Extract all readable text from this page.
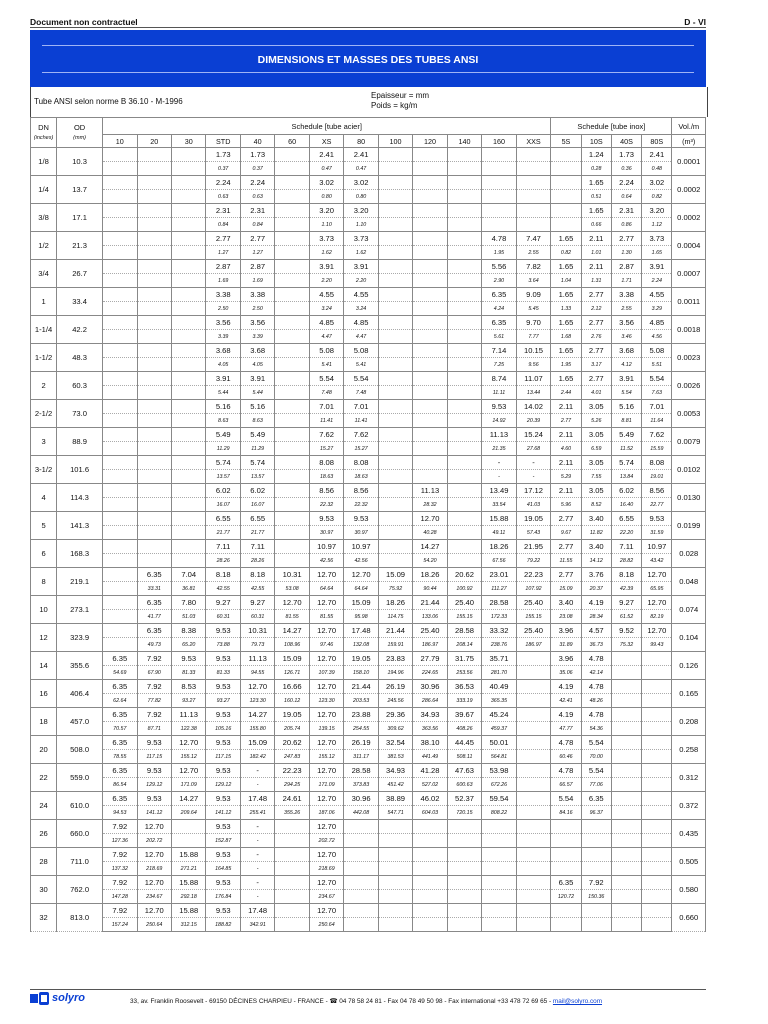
Document non contractuel	D - VI
DIMENSIONS ET MASSES DES TUBES ANSI
Tube ANSI selon norme B 36.10 - M-1996
Epaisseur = mm
Poids = kg/m
DN
(inches)	OD
(mm)	Schedule [tube acier]													Schedule [tube inox]				Vol./m
		10	20	30	STD	40	60	XS	80	100	120	140	160	XXS	5S	10S	40S	80S	(m³)
1/8	10.3				1.73	1.73		2.41	2.41							1.24	1.73	2.41	0.0001
					0.37	0.37		0.47	0.47							0.28	0.36	0.48	
1/4	13.7				2.24	2.24		3.02	3.02							1.65	2.24	3.02	0.0002
					0.63	0.63		0.80	0.80							0.51	0.64	0.82	
3/8	17.1				2.31	2.31		3.20	3.20							1.65	2.31	3.20	0.0002
					0.84	0.84		1.10	1.10							0.66	0.86	1.12	
1/2	21.3				2.77	2.77		3.73	3.73				4.78	7.47	1.65	2.11	2.77	3.73	0.0004
					1.27	1.27		1.62	1.62				1.95	2.55	0.82	1.01	1.30	1.65	
3/4	26.7				2.87	2.87		3.91	3.91				5.56	7.82	1.65	2.11	2.87	3.91	0.0007
					1.69	1.69		2.20	2.20				2.90	3.64	1.04	1.31	1.71	2.24	
1	33.4				3.38	3.38		4.55	4.55				6.35	9.09	1.65	2.77	3.38	4.55	0.0011
					2.50	2.50		3.24	3.24				4.24	5.45	1.33	2.12	2.55	3.29	
1-1/4	42.2				3.56	3.56		4.85	4.85				6.35	9.70	1.65	2.77	3.56	4.85	0.0018
					3.39	3.39		4.47	4.47				5.61	7.77	1.68	2.76	3.46	4.56	
1-1/2	48.3				3.68	3.68		5.08	5.08				7.14	10.15	1.65	2.77	3.68	5.08	0.0023
					4.05	4.05		5.41	5.41				7.25	9.56	1.95	3.17	4.12	5.51	
2	60.3				3.91	3.91		5.54	5.54				8.74	11.07	1.65	2.77	3.91	5.54	0.0026
					5.44	5.44		7.48	7.48				11.11	13.44	2.44	4.01	5.54	7.63	
2-1/2	73.0				5.16	5.16		7.01	7.01				9.53	14.02	2.11	3.05	5.16	7.01	0.0053
					8.63	8.63		11.41	11.41				14.92	20.39	2.77	5.26	8.81	11.64	
3	88.9				5.49	5.49		7.62	7.62				11.13	15.24	2.11	3.05	5.49	7.62	0.0079
					11.29	11.29		15.27	15.27				21.35	27.68	4.60	6.59	11.52	15.59	
3-1/2	101.6				5.74	5.74		8.08	8.08				-	-	2.11	3.05	5.74	8.08	0.0102
					13.57	13.57		18.63	18.63				-	-	5.29	7.55	13.84	19.01	
4	114.3				6.02	6.02		8.56	8.56		11.13		13.49	17.12	2.11	3.05	6.02	8.56	0.0130
					16.07	16.07		22.32	22.32		28.32		33.54	41.03	5.96	8.52	16.40	22.77	
5	141.3				6.55	6.55		9.53	9.53		12.70		15.88	19.05	2.77	3.40	6.55	9.53	0.0199
					21.77	21.77		30.97	30.97		40.28		49.11	57.43	9.67	11.82	22.20	31.59	
6	168.3				7.11	7.11		10.97	10.97		14.27		18.26	21.95	2.77	3.40	7.11	10.97	0.028
					28.26	28.26		42.56	42.56		54.20		67.56	79.22	11.55	14.12	28.82	43.42	
8	219.1		6.35	7.04	8.18	8.18	10.31	12.70	12.70	15.09	18.26	20.62	23.01	22.23	2.77	3.76	8.18	12.70	0.048
			33.31	36.81	42.55	42.55	53.08	64.64	64.64	75.92	90.44	100.92	111.27	107.92	15.09	20.37	42.39	65.95	
10	273.1		6.35	7.80	9.27	9.27	12.70	12.70	15.09	18.26	21.44	25.40	28.58	25.40	3.40	4.19	9.27	12.70	0.074
			41.77	51.03	60.31	60.31	81.55	81.55	95.98	114.75	133.06	155.15	172.33	155.15	23.08	28.34	61.52	82.19	
12	323.9		6.35	8.38	9.53	10.31	14.27	12.70	17.48	21.44	25.40	28.58	33.32	25.40	3.96	4.57	9.52	12.70	0.104
			49.73	65.20	73.88	79.73	108.96	97.46	132.08	159.91	186.97	208.14	238.76	186.97	31.89	36.73	75.32	99.43	
14	355.6	6.35	7.92	9.53	9.53	11.13	15.09	12.70	19.05	23.83	27.79	31.75	35.71		3.96	4.78			0.126
		54.69	67.90	81.33	81.33	94.55	126.71	107.39	158.10	194.96	224.65	253.56	281.70		35.06	42.14			
16	406.4	6.35	7.92	8.53	9.53	12.70	16.66	12.70	21.44	26.19	30.96	36.53	40.49		4.19	4.78			0.165
		62.64	77.82	93.27	93.27	123.30	160.12	123.30	203.53	245.56	286.64	333.19	365.35		42.41	48.26			
18	457.0	6.35	7.92	11.13	9.53	14.27	19.05	12.70	23.88	29.36	34.93	39.67	45.24		4.19	4.78			0.208
		70.57	87.71	122.38	105.16	155.80	205.74	139.15	254.55	309.62	363.56	408.26	459.37		47.77	54.36			
20	508.0	6.35	9.53	12.70	9.53	15.09	20.62	12.70	26.19	32.54	38.10	44.45	50.01		4.78	5.54			0.258
		78.55	117.15	155.12	117.15	182.42	247.83	155.12	311.17	381.53	441.49	508.11	564.81		60.46	70.00			
22	559.0	6.35	9.53	12.70	9.53	-	22.23	12.70	28.58	34.93	41.28	47.63	53.98		4.78	5.54			0.312
		86.54	129.12	171.09	129.12	-	294.25	171.09	373.83	451.42	527.02	600.63	672.26		66.57	77.06			
24	610.0	6.35	9.53	14.27	9.53	17.48	24.61	12.70	30.96	38.89	46.02	52.37	59.54		5.54	6.35			0.372
		94.53	141.12	209.64	141.12	255.41	355.26	187.06	442.08	547.71	604.03	720.15	808.22		84.16	96.37			
26	660.0	7.92	12.70		9.53	-		12.70											0.435
		127.36	202.72		152.87	-		202.72											
28	711.0	7.92	12.70	15.88	9.53	-		12.70											0.505
		137.32	218.69	271.21	164.85	-		218.69											
30	762.0	7.92	12.70	15.88	9.53	-		12.70							6.35	7.92			0.580
		147.28	234.67	292.18	176.84	-		234.67							120.72	150.36			
32	813.0	7.92	12.70	15.88	9.53	17.48		12.70											0.660
		157.24	250.64	312.15	188.82	342.91		250.64											
solyro	33, av. Franklin Roosevelt - 69150 DÉCINES CHARPIEU - FRANCE - ☎ 04 78 58 24 81 - Fax 04 78 49 50 98 - Fax international +33 478 72 69 65 - mail@solyro.com
